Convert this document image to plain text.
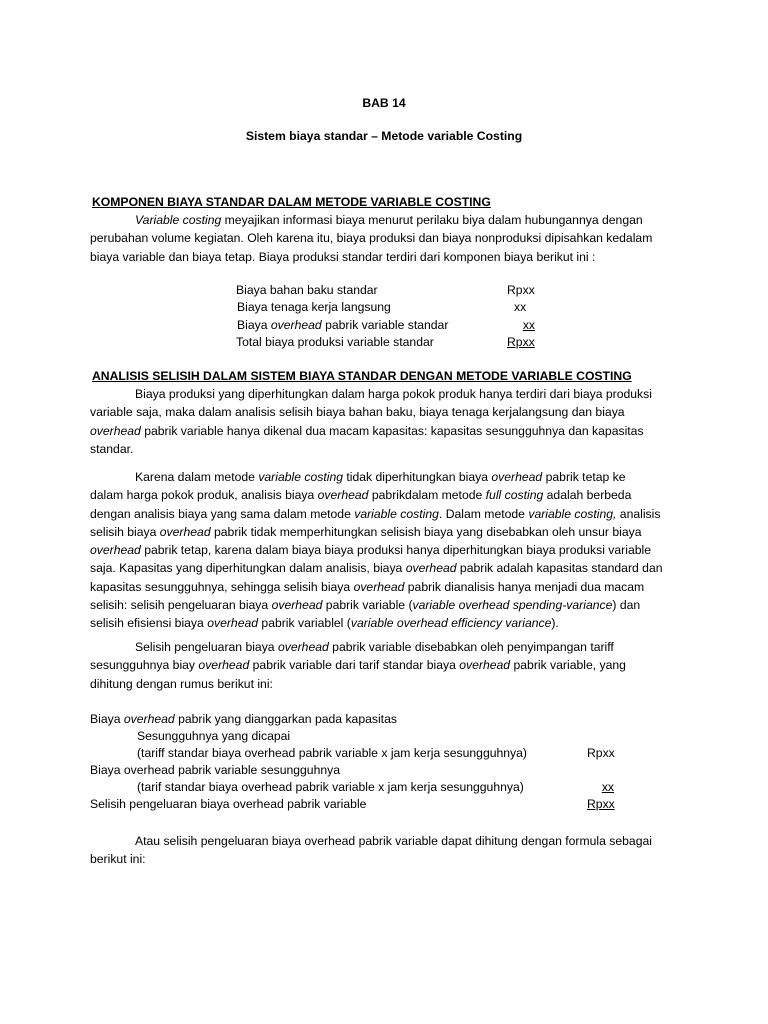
BAB 14
Sistem biaya standar – Metode variable Costing
KOMPONEN BIAYA STANDAR DALAM METODE VARIABLE COSTING
Variable costing meyajikan informasi biaya menurut perilaku biya dalam hubungannya dengan
perubahan volume kegiatan. Oleh karena itu, biaya produksi dan biaya nonproduksi dipisahkan kedalam
biaya variable dan biaya tetap. Biaya produksi standar terdiri dari komponen biaya berikut ini :
Biaya bahan baku standar	Rpxx
Biaya tenaga kerja langsung	xx
Biaya overhead pabrik variable standar	xx
Total biaya produksi variable standar	Rpxx
ANALISIS SELISIH DALAM SISTEM BIAYA STANDAR DENGAN METODE VARIABLE COSTING
Biaya produksi yang diperhitungkan dalam harga pokok produk hanya terdiri dari biaya produksi
variable saja, maka dalam analisis selisih biaya bahan baku, biaya tenaga kerjalangsung dan biaya
overhead pabrik variable hanya dikenal dua macam kapasitas: kapasitas sesungguhnya dan kapasitas
standar.
Karena dalam metode variable costing tidak diperhitungkan biaya overhead pabrik tetap ke
dalam harga pokok produk, analisis biaya overhead pabrikdalam metode full costing adalah berbeda
dengan analisis biaya yang sama dalam metode variable costing. Dalam metode variable costing, analisis
selisih biaya overhead pabrik tidak memperhitungkan selisish biaya yang disebabkan oleh unsur biaya
overhead pabrik tetap, karena dalam biaya biaya produksi hanya diperhitungkan biaya produksi variable
saja. Kapasitas yang diperhitungkan dalam analisis, biaya overhead pabrik adalah kapasitas standard dan
kapasitas sesungguhnya, sehingga selisih biaya overhead pabrik dianalisis hanya menjadi dua macam
selisih: selisih pengeluaran biaya overhead pabrik variable (variable overhead spending-variance) dan
selisih efisiensi biaya overhead pabrik variablel (variable overhead efficiency variance).
Selisih pengeluaran biaya overhead pabrik variable disebabkan oleh penyimpangan tariff
sesungguhnya biay overhead pabrik variable dari tarif standar biaya overhead pabrik variable, yang
dihitung dengan rumus berikut ini:
Biaya overhead pabrik yang dianggarkan pada kapasitas
Sesungguhnya yang dicapai
(tariff standar biaya overhead pabrik variable x jam kerja sesungguhnya)	Rpxx
Biaya overhead pabrik variable sesungguhnya
(tarif standar biaya overhead pabrik variable x jam kerja sesungguhnya)	xx
Selisih pengeluaran biaya overhead pabrik variable	Rpxx
Atau selisih pengeluaran biaya overhead pabrik variable dapat dihitung dengan formula sebagai
berikut ini:
